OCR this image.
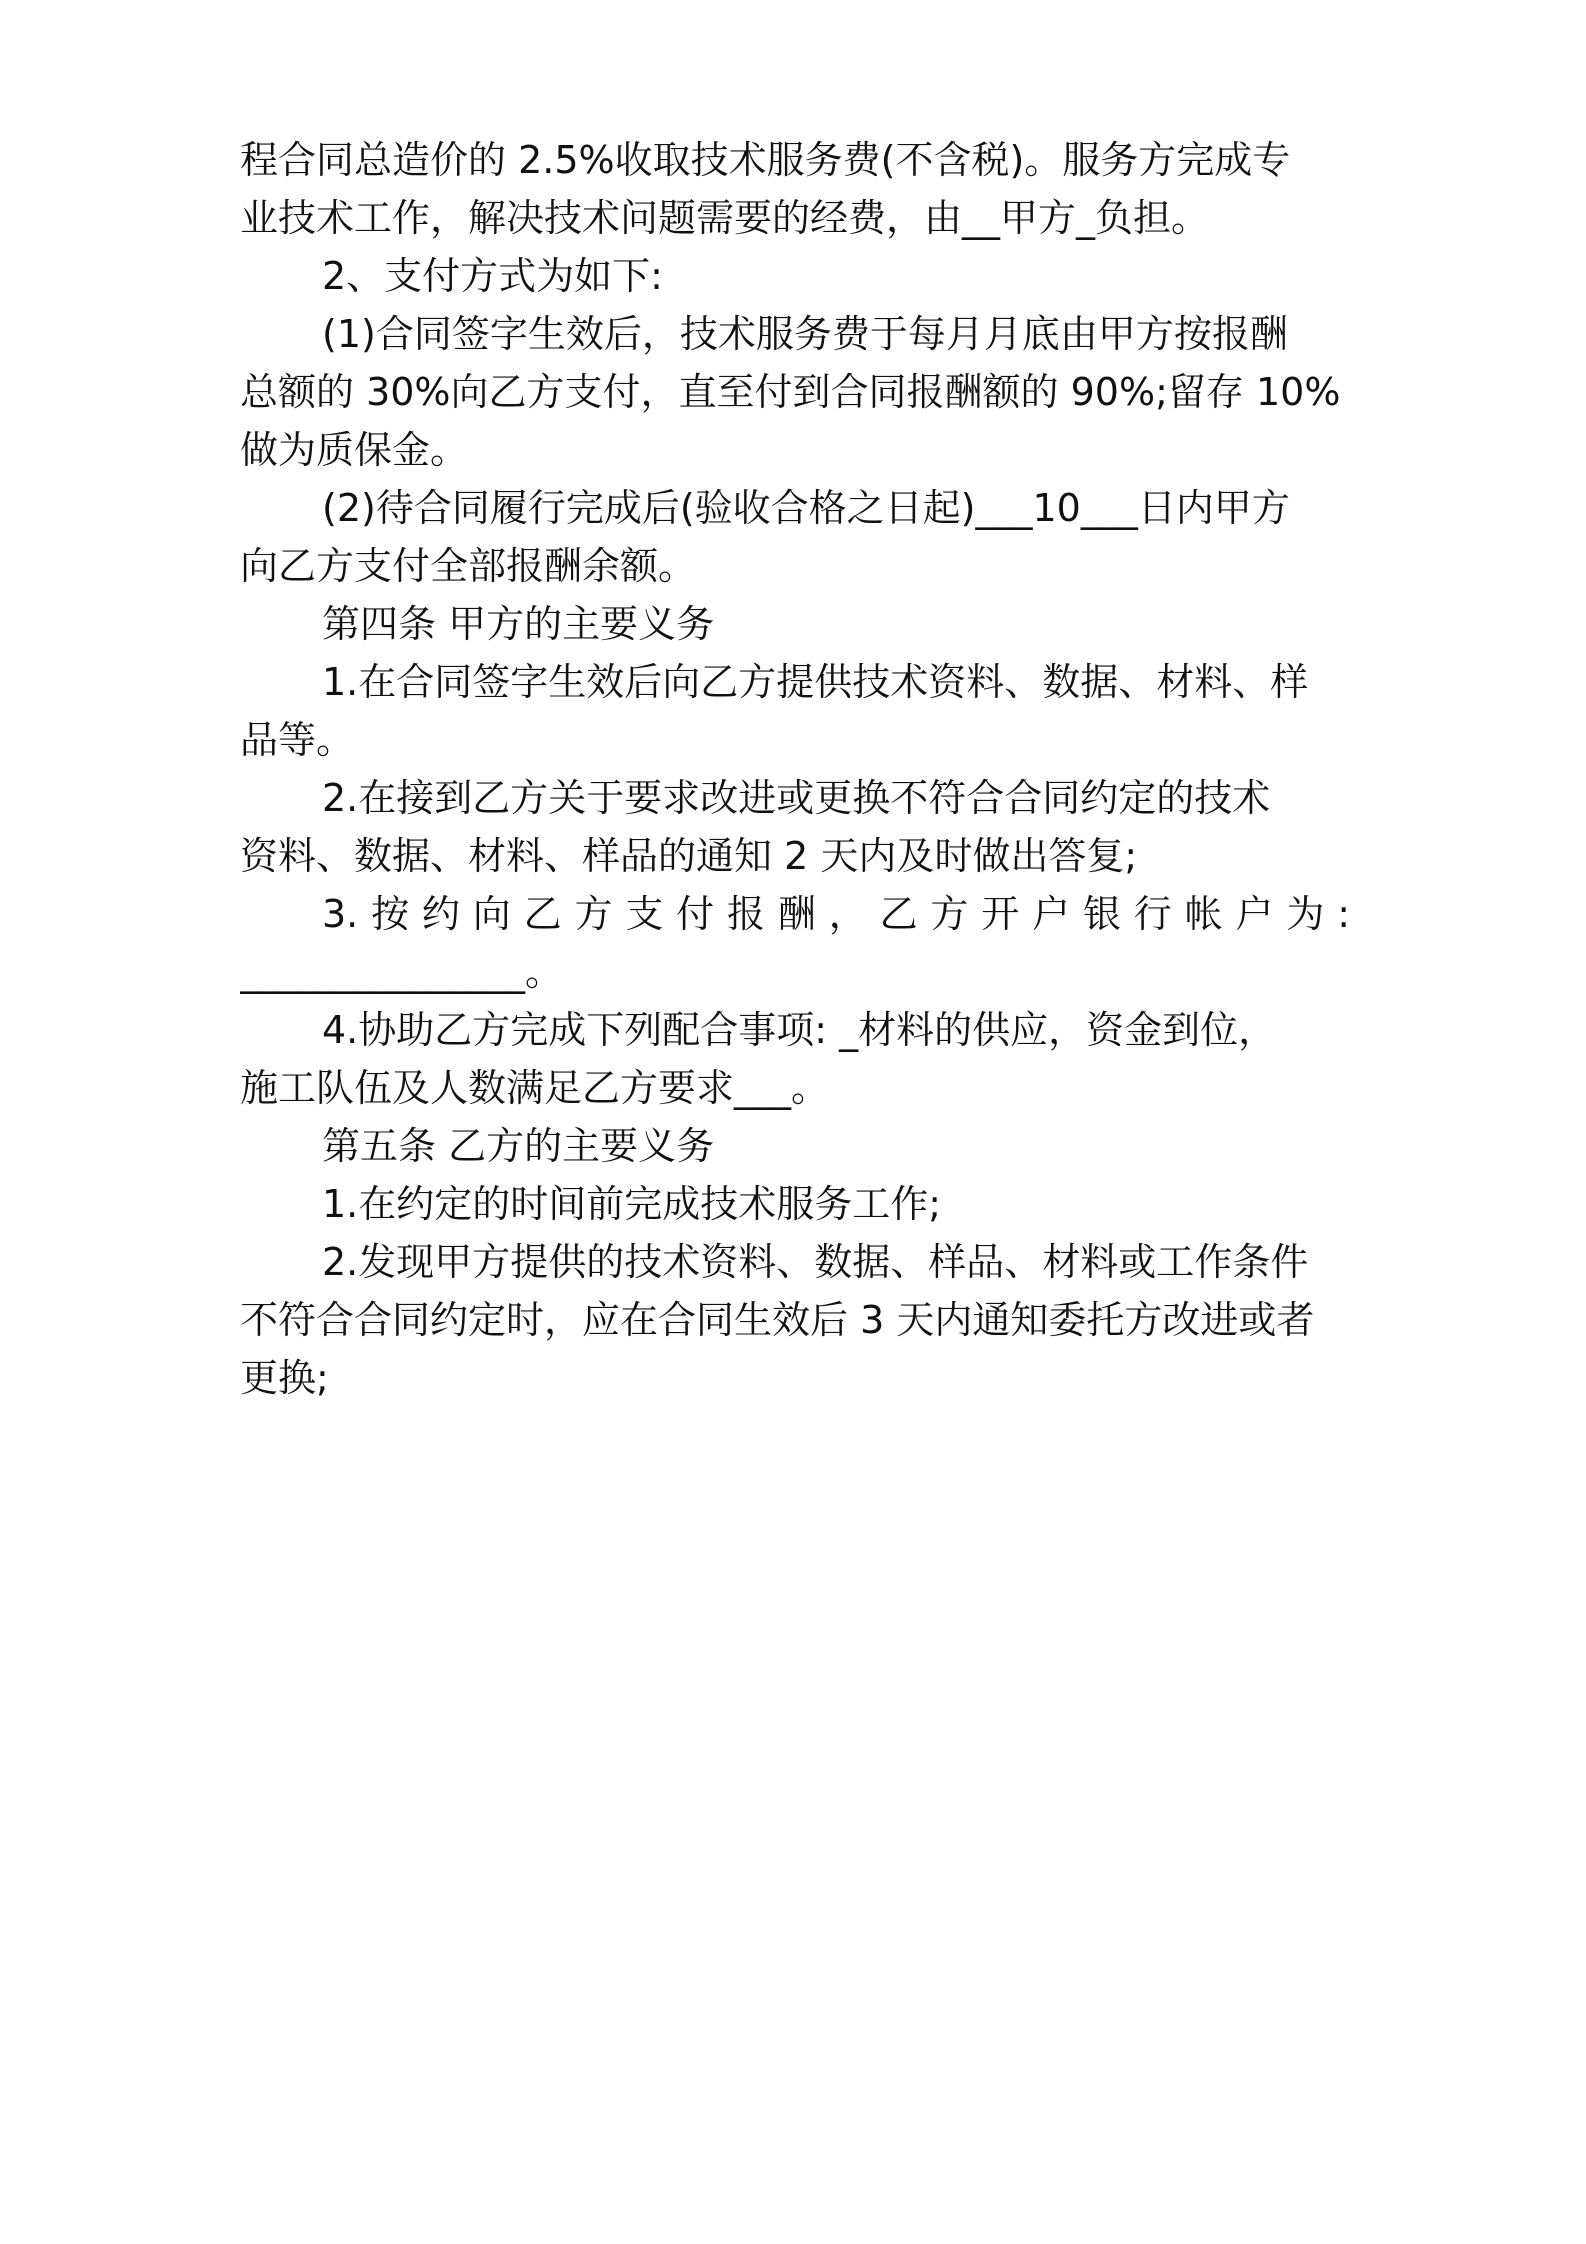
程合同总造价的 2.5%收取技术服务费(不含税)。服务方完成专
业技术工作，解决技术问题需要的经费，由__甲方_负担。
2、支付方式为如下:
(1)合同签字生效后，技术服务费于每月月底由甲方按报酬
总额的 30%向乙方支付，直至付到合同报酬额的 90%;留存 10%
做为质保金。
(2)待合同履行完成后(验收合格之日起)___10___日内甲方
向乙方支付全部报酬余额。
第四条 甲方的主要义务
1.在合同签字生效后向乙方提供技术资料、数据、材料、样
品等。
2.在接到乙方关于要求改进或更换不符合合同约定的技术
资料、数据、材料、样品的通知 2 天内及时做出答复;
3.按约向乙方支付报酬，乙方开户银行帐户为:
_______________。
4.协助乙方完成下列配合事项: _材料的供应，资金到位，
施工队伍及人数满足乙方要求___。
第五条 乙方的主要义务
1.在约定的时间前完成技术服务工作;
2.发现甲方提供的技术资料、数据、样品、材料或工作条件
不符合合同约定时，应在合同生效后 3 天内通知委托方改进或者
更换;
